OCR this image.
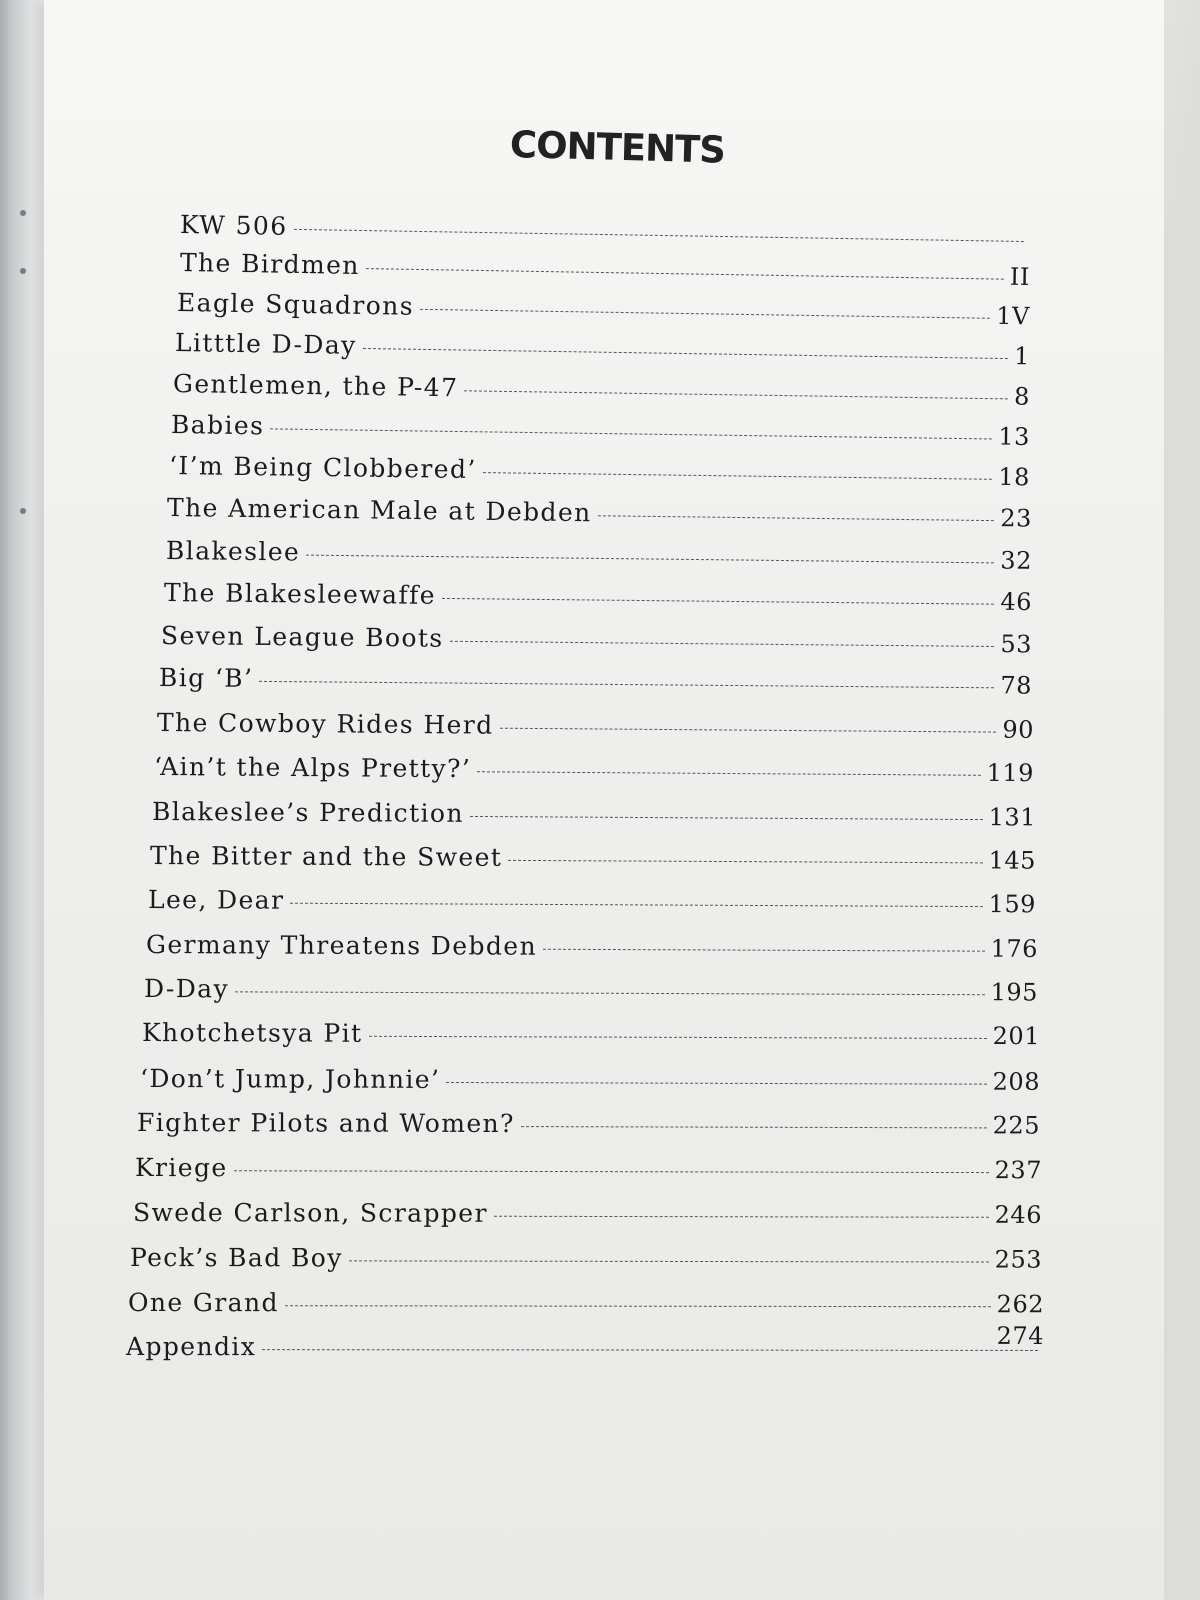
CONTENTS
KW 506
The Birdmen	II
Eagle Squadrons	1V
Litttle D-Day	1
Gentlemen, the P-47	8
Babies	13
‘I’m Being Clobbered’	18
The American Male at Debden	23
Blakeslee	32
The Blakesleewaffe	46
Seven League Boots	53
Big ‘B’	78
The Cowboy Rides Herd	90
‘Ain’t the Alps Pretty?’	119
Blakeslee’s Prediction	131
The Bitter and the Sweet	145
Lee, Dear	159
Germany Threatens Debden	176
D-Day	195
Khotchetsya Pit	201
‘Don’t Jump, Johnnie’	208
Fighter Pilots and Women?	225
Kriege	237
Swede Carlson, Scrapper	246
Peck’s Bad Boy	253
One Grand	262
Appendix	274
